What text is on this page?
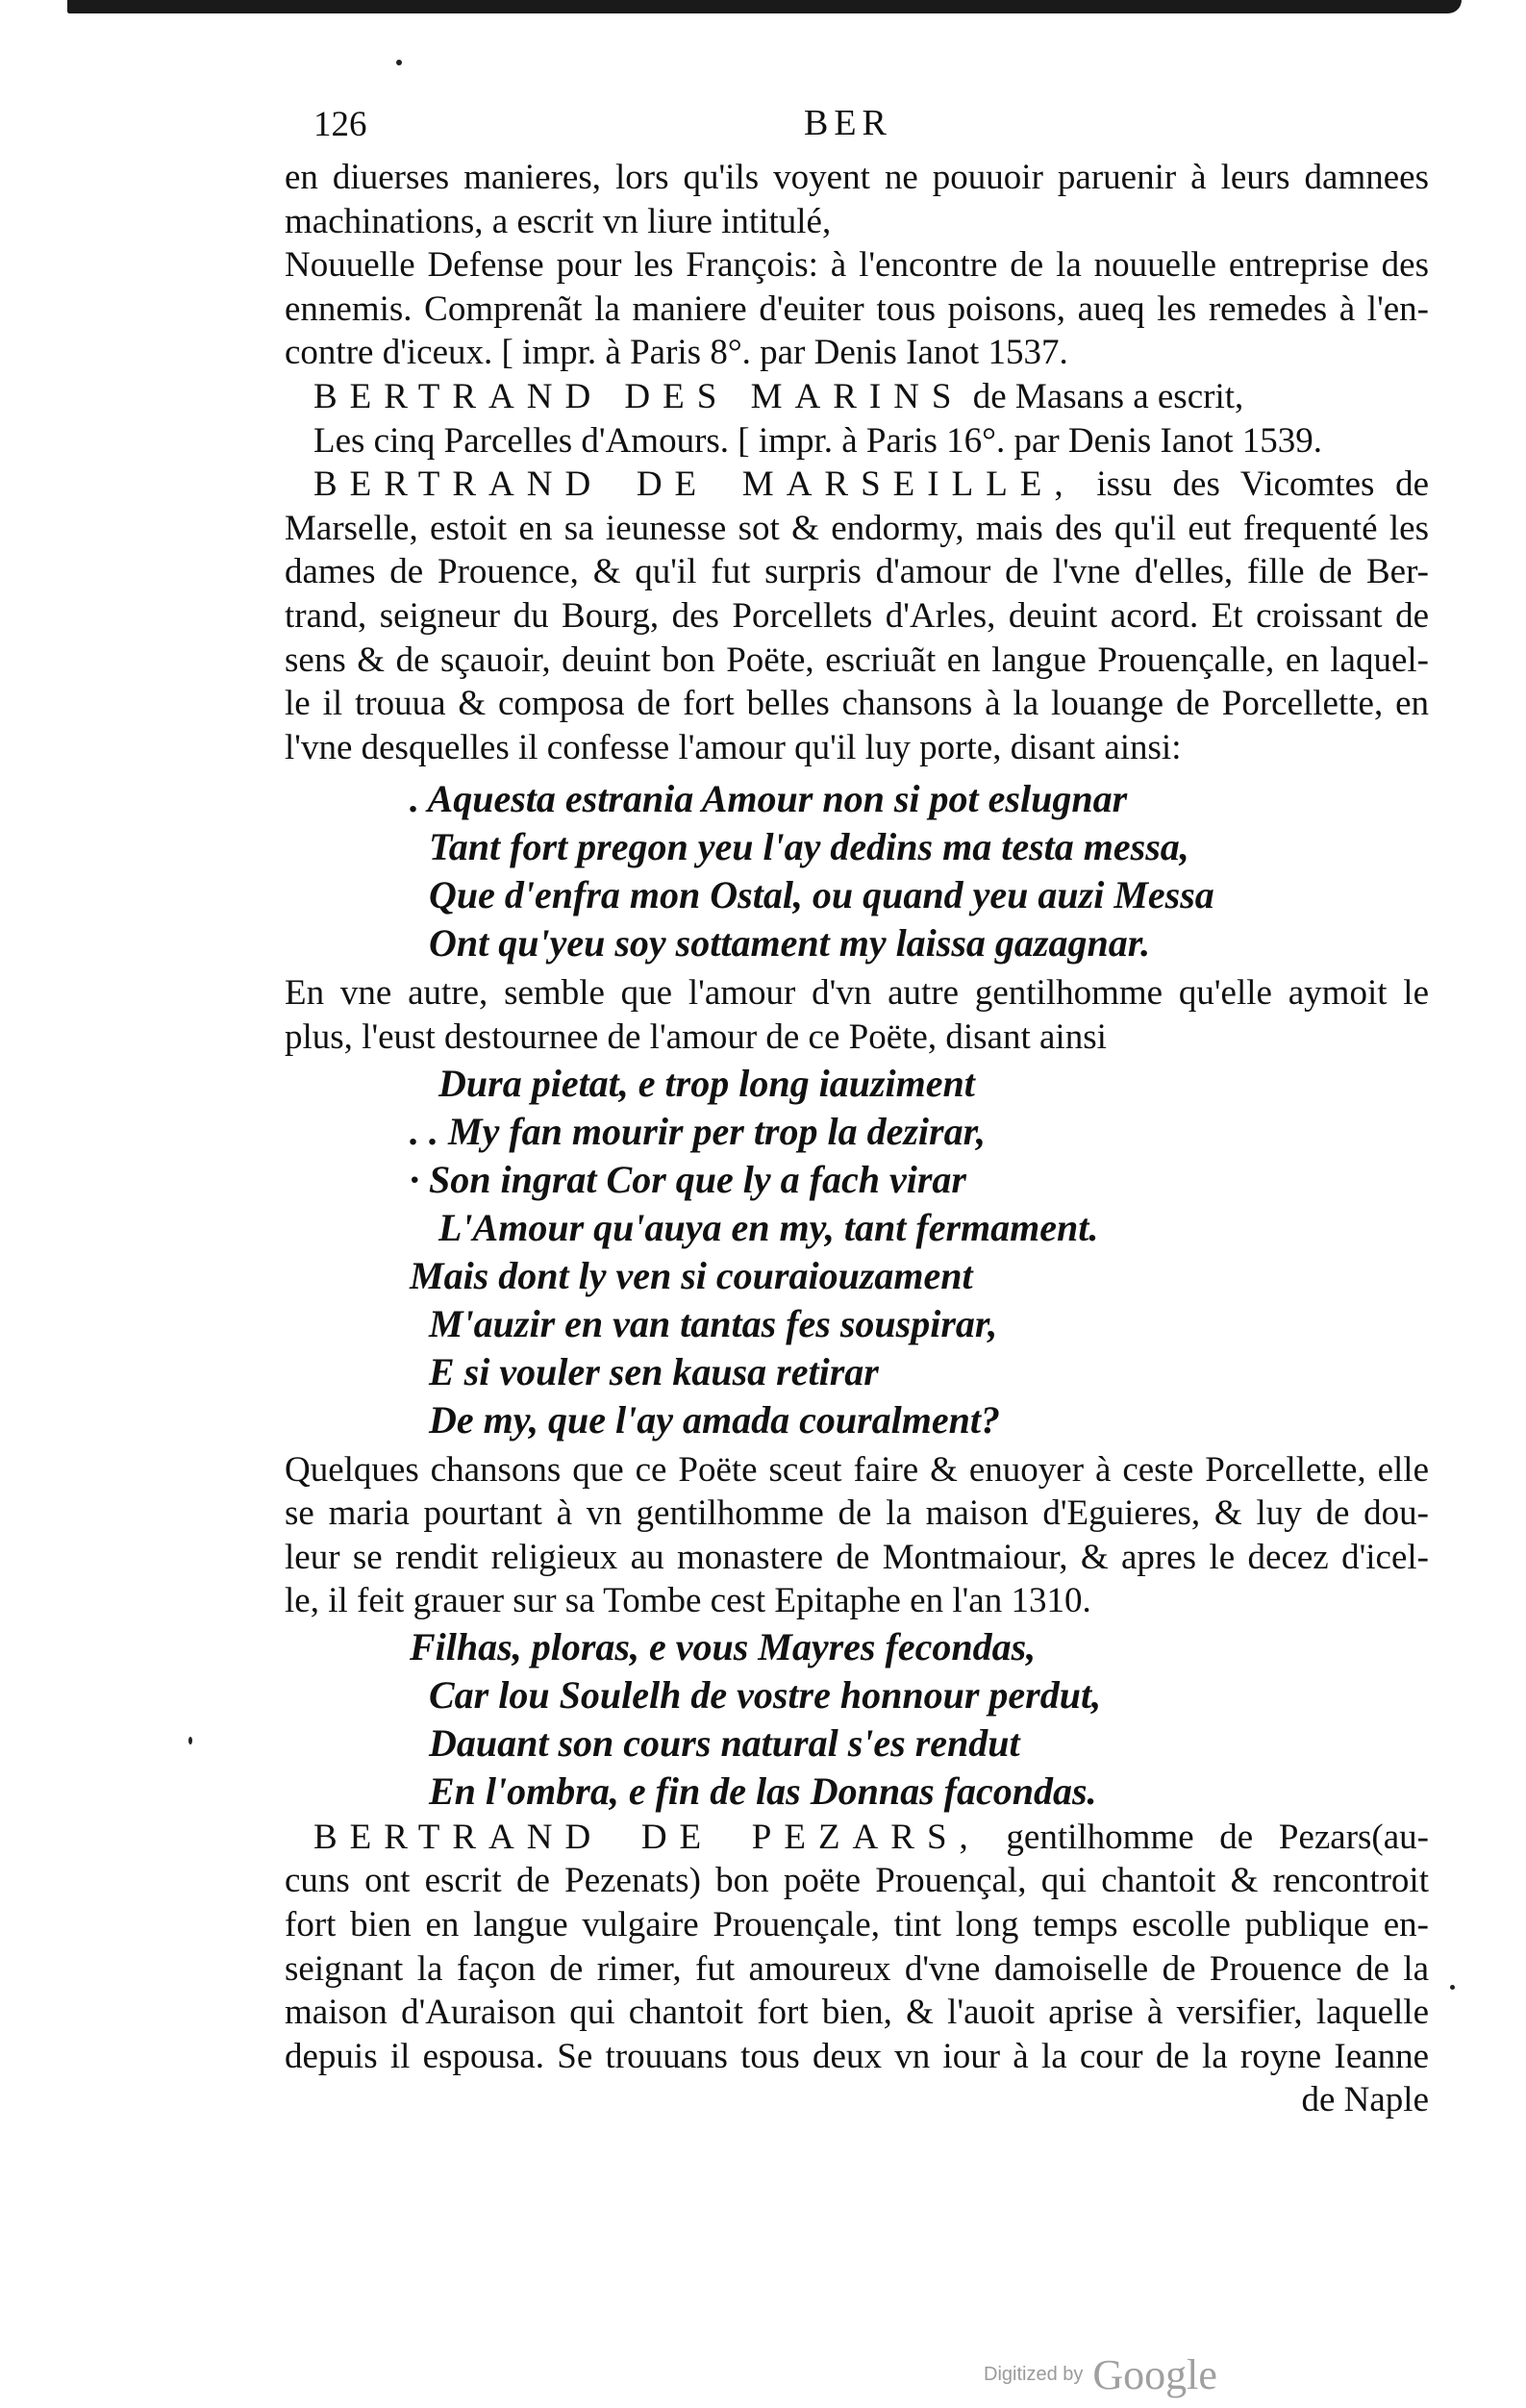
126	BER
en diuerses manieres, lors qu'ils voyent ne pouuoir paruenir à leurs damnees
machinations, a escrit vn liure intitulé,
Nouuelle Defense pour les François: à l'encontre de la nouuelle entreprise des
ennemis. Comprenãt la maniere d'euiter tous poisons, aueq les remedes à l'en-
contre d'iceux. [ impr. à Paris 8°. par Denis Ianot 1537.
BERTRAND DES MARINS de Masans a escrit,
Les cinq Parcelles d'Amours. [ impr. à Paris 16°. par Denis Ianot 1539.
BERTRAND DE MARSEILLE, issu des Vicomtes de
Marselle, estoit en sa ieunesse sot & endormy, mais des qu'il eut frequenté les
dames de Prouence, & qu'il fut surpris d'amour de l'vne d'elles, fille de Ber-
trand, seigneur du Bourg, des Porcellets d'Arles, deuint acord. Et croissant de
sens & de sçauoir, deuint bon Poëte, escriuãt en langue Prouençalle, en laquel-
le il trouua & composa de fort belles chansons à la louange de Porcellette, en
l'vne desquelles il confesse l'amour qu'il luy porte, disant ainsi:
. Aquesta estrania Amour non si pot eslugnar
Tant fort pregon yeu l'ay dedins ma testa messa,
Que d'enfra mon Ostal, ou quand yeu auzi Messa
Ont qu'yeu soy sottament my laissa gazagnar.
En vne autre, semble que l'amour d'vn autre gentilhomme qu'elle aymoit le
plus, l'eust destournee de l'amour de ce Poëte, disant ainsi
Dura pietat, e trop long iauziment
. . My fan mourir per trop la dezirar,
· Son ingrat Cor que ly a fach virar
L'Amour qu'auya en my, tant fermament.
Mais dont ly ven si couraiouzament
M'auzir en van tantas fes souspirar,
E si vouler sen kausa retirar
De my, que l'ay amada couralment?
Quelques chansons que ce Poëte sceut faire & enuoyer à ceste Porcellette, elle
se maria pourtant à vn gentilhomme de la maison d'Eguieres, & luy de dou-
leur se rendit religieux au monastere de Montmaiour, & apres le decez d'icel-
le, il feit grauer sur sa Tombe cest Epitaphe en l'an 1310.
Filhas, ploras, e vous Mayres fecondas,
Car lou Soulelh de vostre honnour perdut,
Dauant son cours natural s'es rendut
En l'ombra, e fin de las Donnas facondas.
BERTRAND DE PEZARS, gentilhomme de Pezars(au-
cuns ont escrit de Pezenats) bon poëte Prouençal, qui chantoit & rencontroit
fort bien en langue vulgaire Prouençale, tint long temps escolle publique en-
seignant la façon de rimer, fut amoureux d'vne damoiselle de Prouence de la
maison d'Auraison qui chantoit fort bien, & l'auoit aprise à versifier, laquelle
depuis il espousa. Se trouuans tous deux vn iour à la cour de la royne Ieanne
de Naple
Digitized by Google
